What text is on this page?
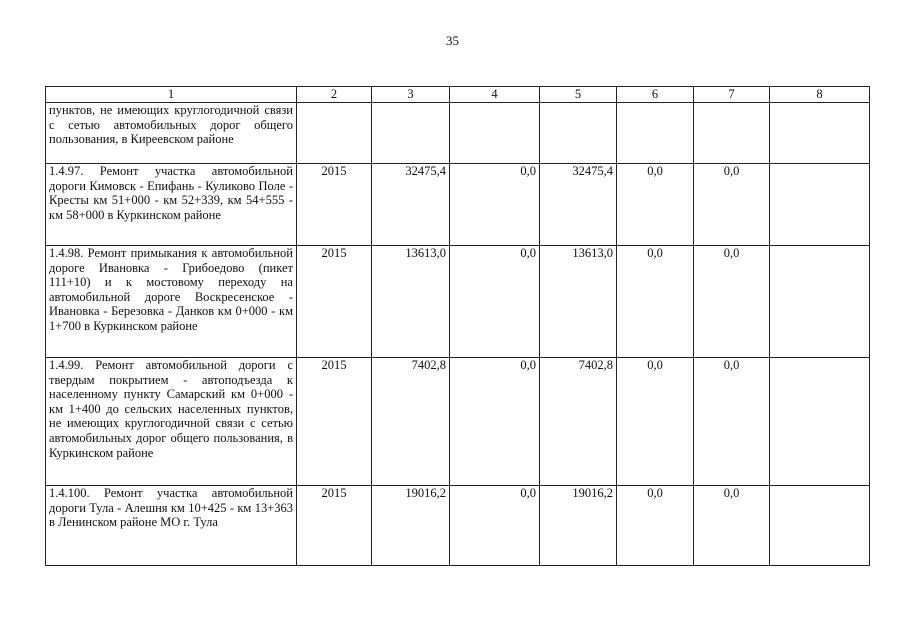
35
1	2	3	4	5	6	7	8
пунктов, не имеющих круглогодичной связи с сетью автомобильных дорог общего пользования, в Киреевском районе							
1.4.97. Ремонт участка автомобильной дороги Кимовск - Епифань - Куликово Поле - Кресты км 51+000 - км 52+339, км 54+555 - км 58+000 в Куркинском районе	2015	32475,4	0,0	32475,4	0,0	0,0	
1.4.98. Ремонт примыкания к автомобильной дороге Ивановка - Грибоедово (пикет 111+10) и к мостовому переходу на автомобильной дороге Воскресенское - Ивановка - Березовка - Данков км 0+000 - км 1+700 в Куркинском районе	2015	13613,0	0,0	13613,0	0,0	0,0	
1.4.99. Ремонт автомобильной дороги с твердым покрытием - автоподъезда к населенному пункту Самарский км 0+000 - км 1+400 до сельских населенных пунктов, не имеющих круглогодичной связи с сетью автомобильных дорог общего пользования, в Куркинском районе	2015	7402,8	0,0	7402,8	0,0	0,0	
1.4.100. Ремонт участка автомобильной дороги Тула - Алешня км 10+425 - км 13+363 в Ленинском районе МО г. Тула	2015	19016,2	0,0	19016,2	0,0	0,0	
